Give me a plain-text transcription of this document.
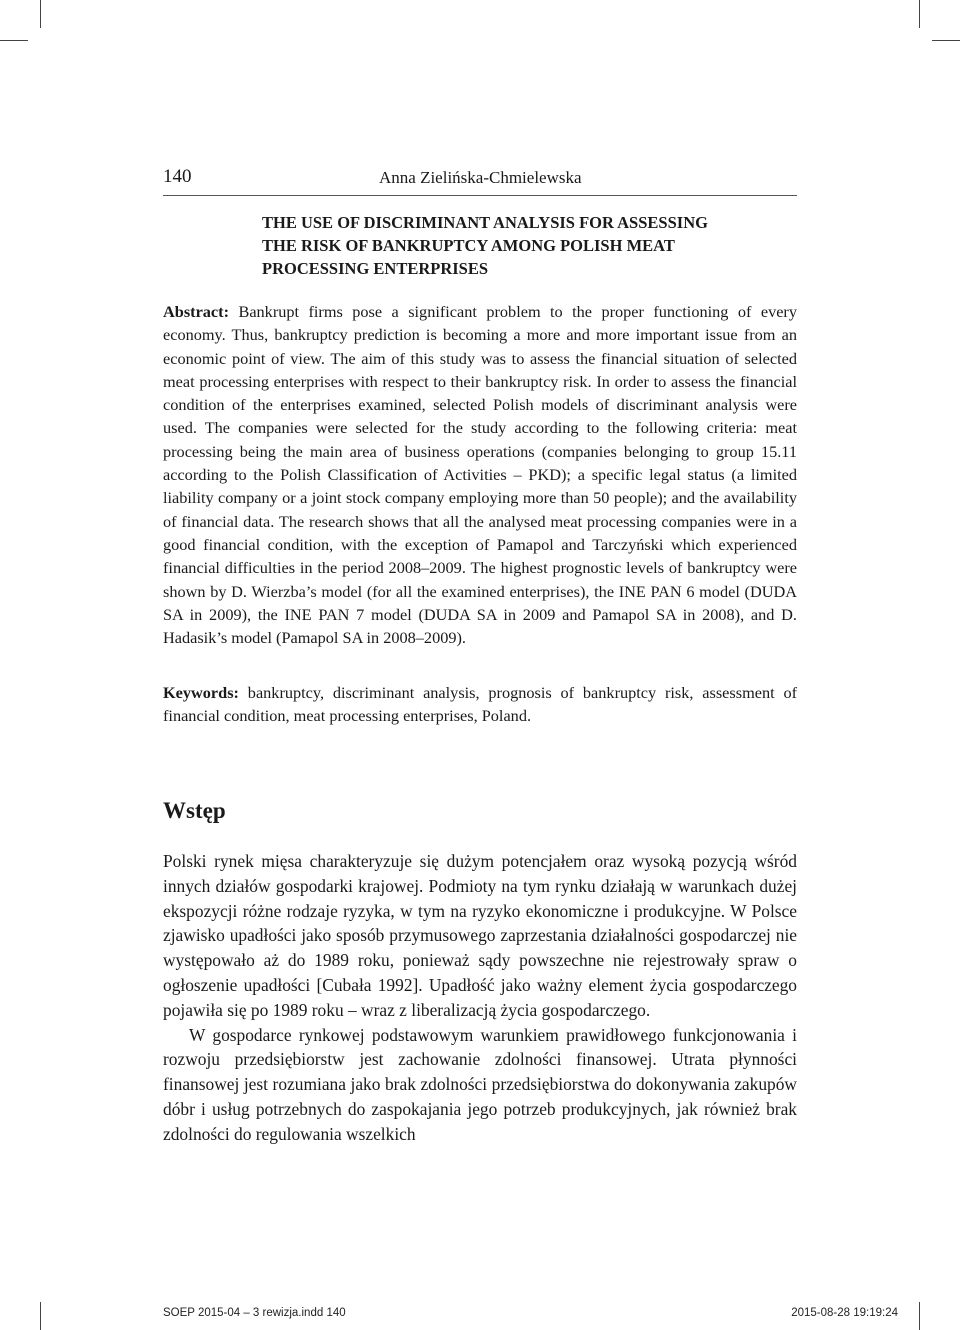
140	Anna Zielińska-Chmielewska
THE USE OF DISCRIMINANT ANALYSIS FOR ASSESSING
THE RISK OF BANKRUPTCY AMONG POLISH MEAT
PROCESSING ENTERPRISES

Abstract: Bankrupt firms pose a significant problem to the proper functioning of every economy. Thus, bankruptcy prediction is becoming a more and more important issue from an economic point of view. The aim of this study was to assess the financial situation of selected meat processing enterprises with respect to their bankruptcy risk. In order to assess the financial condition of the enterprises examined, selected Polish models of discriminant analysis were used. The companies were selected for the study according to the following criteria: meat processing being the main area of business operations (companies belonging to group 15.11 according to the Polish Classification of Activities – PKD); a specific legal status (a limited liability company or a joint stock company employing more than 50 people); and the availability of financial data. The research shows that all the analysed meat processing companies were in a good financial condition, with the exception of Pamapol and Tarczyński which experienced financial difficulties in the period 2008–2009. The highest prognostic levels of bankruptcy were shown by D. Wierzba’s model (for all the examined enterprises), the INE PAN 6 model (DUDA SA in 2009), the INE PAN 7 model (DUDA SA in 2009 and Pamapol SA in 2008), and D. Hadasik’s model (Pamapol SA in 2008–2009).

Keywords: bankruptcy, discriminant analysis, prognosis of bankruptcy risk, assessment of financial condition, meat processing enterprises, Poland.

Wstęp

Polski rynek mięsa charakteryzuje się dużym potencjałem oraz wysoką pozycją wśród innych działów gospodarki krajowej. Podmioty na tym rynku działają w warunkach dużej ekspozycji różne rodzaje ryzyka, w tym na ryzyko ekonomiczne i produkcyjne. W Polsce zjawisko upadłości jako sposób przymusowego zaprzestania działalności gospodarczej nie występowało aż do 1989 roku, ponieważ sądy powszechne nie rejestrowały spraw o ogłoszenie upadłości [Cubała 1992]. Upadłość jako ważny element życia gospodarczego pojawiła się po 1989 roku – wraz z liberalizacją życia gospodarczego.

W gospodarce rynkowej podstawowym warunkiem prawidłowego funkcjonowania i rozwoju przedsiębiorstw jest zachowanie zdolności finansowej. Utrata płynności finansowej jest rozumiana jako brak zdolności przedsiębiorstwa do dokonywania zakupów dóbr i usług potrzebnych do zaspokajania jego potrzeb produkcyjnych, jak również brak zdolności do regulowania wszelkich

SOEP 2015-04 – 3 rewizja.indd 140	2015-08-28 19:19:24
